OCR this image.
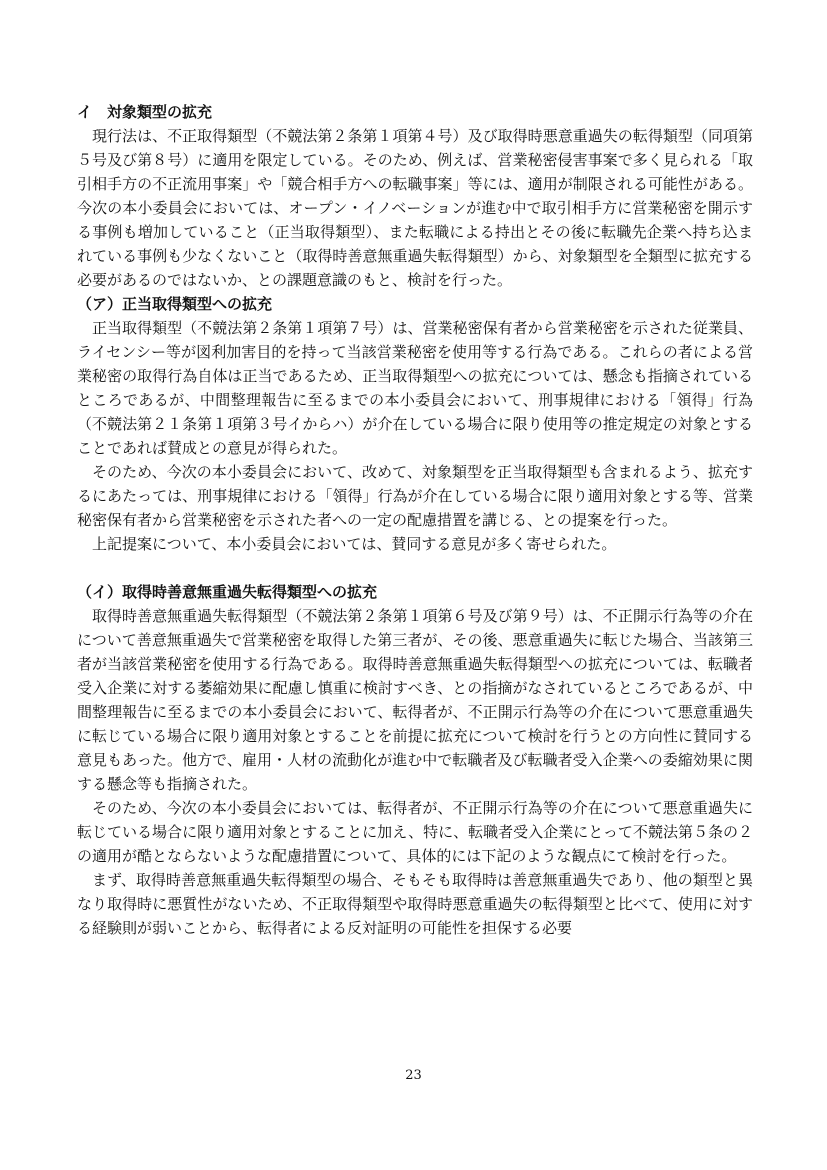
イ　対象類型の拡充

現行法は、不正取得類型（不競法第２条第１項第４号）及び取得時悪意重過失の転得類型（同項第５号及び第８号）に適用を限定している。そのため、例えば、営業秘密侵害事案で多く見られる「取引相手方の不正流用事案」や「競合相手方への転職事案」等には、適用が制限される可能性がある。今次の本小委員会においては、オープン・イノベーションが進む中で取引相手方に営業秘密を開示する事例も増加していること（正当取得類型）、また転職による持出とその後に転職先企業へ持ち込まれている事例も少なくないこと（取得時善意無重過失転得類型）から、対象類型を全類型に拡充する必要があるのではないか、との課題意識のもと、検討を行った。

（ア）正当取得類型への拡充

正当取得類型（不競法第２条第１項第７号）は、営業秘密保有者から営業秘密を示された従業員、ライセンシー等が図利加害目的を持って当該営業秘密を使用等する行為である。これらの者による営業秘密の取得行為自体は正当であるため、正当取得類型への拡充については、懸念も指摘されているところであるが、中間整理報告に至るまでの本小委員会において、刑事規律における「領得」行為（不競法第２１条第１項第３号イからハ）が介在している場合に限り使用等の推定規定の対象とすることであれば賛成との意見が得られた。

そのため、今次の本小委員会において、改めて、対象類型を正当取得類型も含まれるよう、拡充するにあたっては、刑事規律における「領得」行為が介在している場合に限り適用対象とする等、営業秘密保有者から営業秘密を示された者への一定の配慮措置を講じる、との提案を行った。

上記提案について、本小委員会においては、賛同する意見が多く寄せられた。

（イ）取得時善意無重過失転得類型への拡充

取得時善意無重過失転得類型（不競法第２条第１項第６号及び第９号）は、不正開示行為等の介在について善意無重過失で営業秘密を取得した第三者が、その後、悪意重過失に転じた場合、当該第三者が当該営業秘密を使用する行為である。取得時善意無重過失転得類型への拡充については、転職者受入企業に対する萎縮効果に配慮し慎重に検討すべき、との指摘がなされているところであるが、中間整理報告に至るまでの本小委員会において、転得者が、不正開示行為等の介在について悪意重過失に転じている場合に限り適用対象とすることを前提に拡充について検討を行うとの方向性に賛同する意見もあった。他方で、雇用・人材の流動化が進む中で転職者及び転職者受入企業への委縮効果に関する懸念等も指摘された。

そのため、今次の本小委員会においては、転得者が、不正開示行為等の介在について悪意重過失に転じている場合に限り適用対象とすることに加え、特に、転職者受入企業にとって不競法第５条の２の適用が酷とならないような配慮措置について、具体的には下記のような観点にて検討を行った。

まず、取得時善意無重過失転得類型の場合、そもそも取得時は善意無重過失であり、他の類型と異なり取得時に悪質性がないため、不正取得類型や取得時悪意重過失の転得類型と比べて、使用に対する経験則が弱いことから、転得者による反対証明の可能性を担保する必要

23
